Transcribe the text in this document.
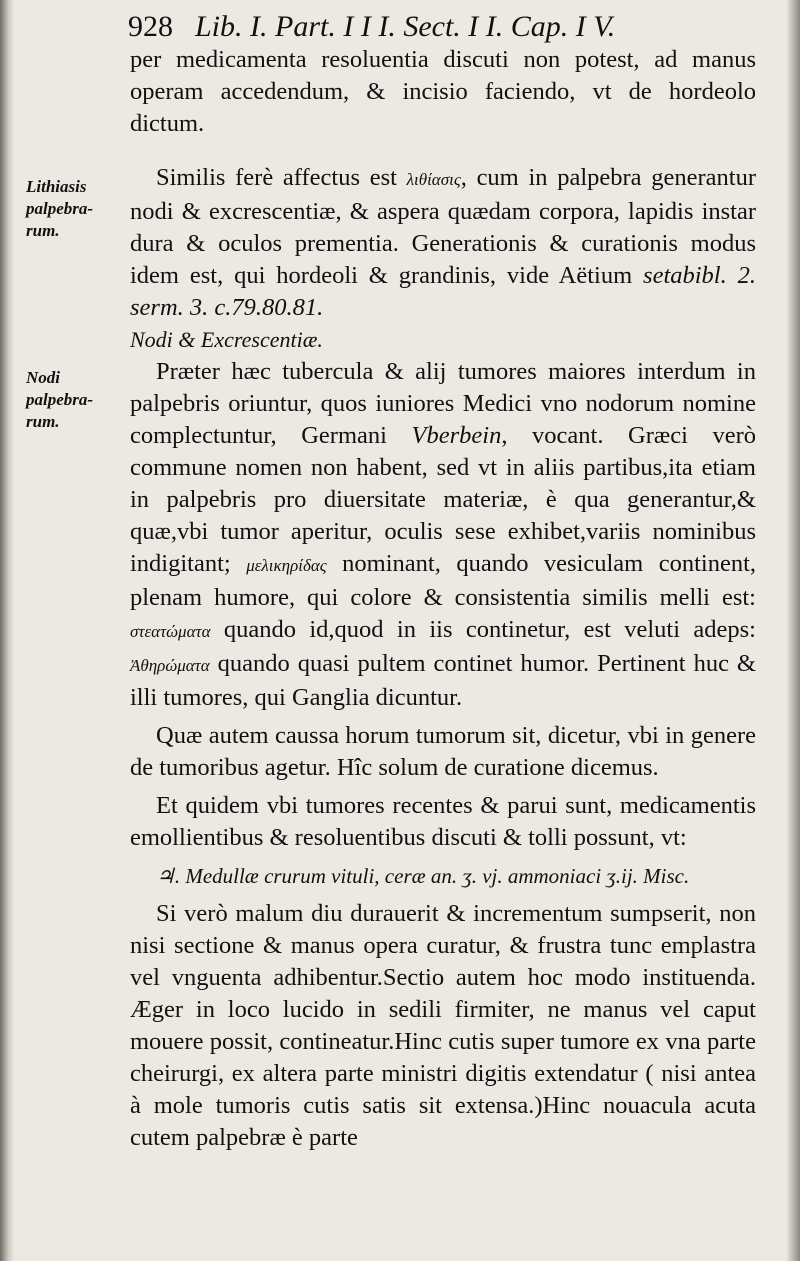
928 Lib. I. Part. I I I. Sect. I I. Cap. I V.
Lithiasis
palpebra-
rum.
Nodi
palpebra-
rum.

per medicamenta resoluentia discuti non potest, ad manus operam accedendum, & incisio faciendo, vt de hordeolo dictum.

Similis ferè affectus est λιθίασις, cum in palpebra generantur nodi & excrescentiæ, & aspera quædam corpora, lapidis instar dura & oculos prementia. Generationis & curationis modus idem est, qui hordeoli & grandinis, vide Aëtium setabibl. 2. serm. 3. c.79.80.81.

Nodi & Excrescentiæ.

Præter hæc tubercula & alij tumores maiores interdum in palpebris oriuntur, quos iuniores Medici vno nodorum nomine complectuntur, Germani Vberbein, vocant. Græci verò commune nomen non habent, sed vt in aliis partibus,ita etiam in palpebris pro diuersitate materiæ, è qua generantur,& quæ,vbi tumor aperitur, oculis sese exhibet,variis nominibus indigitant; μελικηρίδας nominant, quando vesiculam continent, plenam humore, qui colore & consistentia similis melli est: στεατώματα quando id,quod in iis continetur, est veluti adeps: Ἀθηρώματα quando quasi pultem continet humor. Pertinent huc & illi tumores, qui Ganglia dicuntur.

Quæ autem caussa horum tumorum sit, dicetur, vbi in genere de tumoribus agetur. Hîc solum de curatione dicemus.

Et quidem vbi tumores recentes & parui sunt, medicamentis emollientibus & resoluentibus discuti & tolli possunt, vt:

♃. Medullæ crurum vituli, ceræ an. ʒ. vj. ammoniaci ʒ.ij. Misc.

Si verò malum diu durauerit & incrementum sumpserit, non nisi sectione & manus opera curatur, & frustra tunc emplastra vel vnguenta adhibentur.Sectio autem hoc modo instituenda. Æger in loco lucido in sedili firmiter, ne manus vel caput mouere possit, contineatur.Hinc cutis super tumore ex vna parte cheirurgi, ex altera parte ministri digitis extendatur ( nisi antea à mole tumoris cutis satis sit extensa.)Hinc nouacula acuta cutem palpebræ è parte
